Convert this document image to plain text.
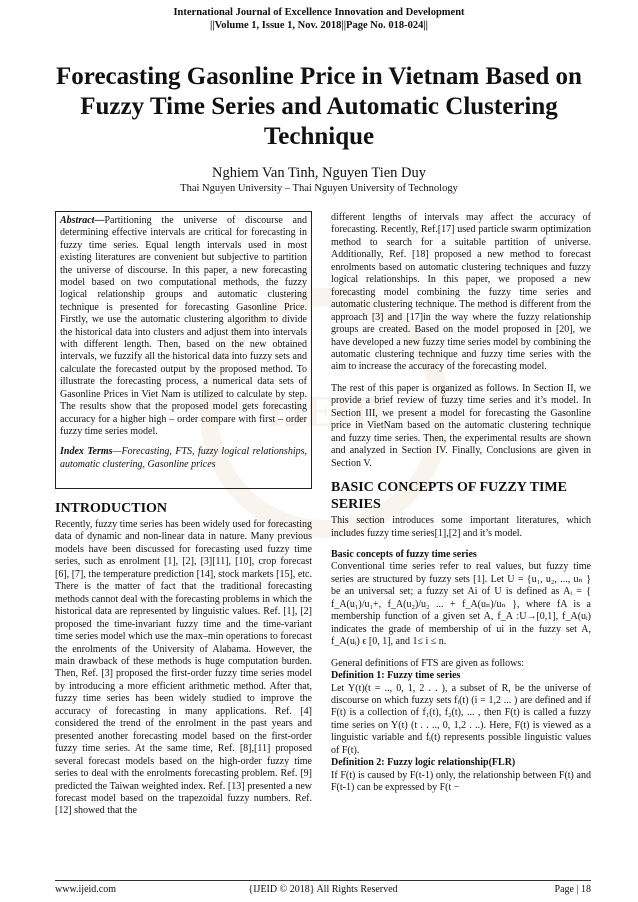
International Journal of Excellence Innovation and Development
||Volume 1, Issue 1, Nov. 2018||Page No. 018-024||
Forecasting Gasonline Price in Vietnam Based on Fuzzy Time Series and Automatic Clustering Technique
Nghiem Van Tinh, Nguyen Tien Duy
Thai Nguyen University – Thai Nguyen University of Technology
IJEID

Abstract—Partitioning the universe of discourse and determining effective intervals are critical for forecasting in fuzzy time series. Equal length intervals used in most existing literatures are convenient but subjective to partition the universe of discourse. In this paper, a new forecasting model based on two computational methods, the fuzzy logical relationship groups and automatic clustering technique is presented for forecasting Gasonline Price. Firstly, we use the automatic clustering algorithm to divide the historical data into clusters and adjust them into intervals with different length. Then, based on the new obtained intervals, we fuzzify all the historical data into fuzzy sets and calculate the forecasted output by the proposed method. To illustrate the forecasting process, a numerical data sets of Gasonline Prices in Viet Nam is utilized to calculate by step. The results show that the proposed model gets forecasting accuracy for a higher high – order compare with first – order fuzzy time series model.

Index Terms—Forecasting, FTS, fuzzy logical relationships, automatic clustering, Gasonline prices

INTRODUCTION

Recently, fuzzy time series has been widely used for forecasting data of dynamic and non-linear data in nature. Many previous models have been discussed for forecasting used fuzzy time series, such as enrolment [1], [2], [3][11], [10], crop forecast [6], [7], the temperature prediction [14], stock markets [15], etc. There is the matter of fact that the traditional forecasting methods cannot deal with the forecasting problems in which the historical data are represented by linguistic values. Ref. [1], [2] proposed the time-invariant fuzzy time and the time-variant time series model which use the max–min operations to forecast the enrolments of the University of Alabama. However, the main drawback of these methods is huge computation burden. Then, Ref. [3] proposed the first-order fuzzy time series model by introducing a more efficient arithmetic method. After that, fuzzy time series has been widely studied to improve the accuracy of forecasting in many applications. Ref. [4] considered the trend of the enrolment in the past years and presented another forecasting model based on the first-order fuzzy time series. At the same time, Ref. [8],[11] proposed several forecast models based on the high-order fuzzy time series to deal with the enrolments forecasting problem. Ref. [9] predicted the Taiwan weighted index. Ref. [13] presented a new forecast model based on the trapezoidal fuzzy numbers. Ref. [12] showed that the

different lengths of intervals may affect the accuracy of forecasting. Recently, Ref.[17] used particle swarm optimization method to search for a suitable partition of universe. Additionally, Ref. [18] proposed a new method to forecast enrolments based on automatic clustering techniques and fuzzy logical relationships. In this paper, we proposed a new forecasting model combining the fuzzy time series and automatic clustering technique. The method is different from the approach [3] and [17]in the way where the fuzzy relationship groups are created. Based on the model proposed in [20], we have developed a new fuzzy time series model by combining the automatic clustering technique and fuzzy time series with the aim to increase the accuracy of the forecasting model.

The rest of this paper is organized as follows. In Section II, we provide a brief review of fuzzy time series and it’s model. In Section III, we present a model for forecasting the Gasonline price in VietNam based on the automatic clustering technique and fuzzy time series. Then, the experimental results are shown and analyzed in Section IV. Finally, Conclusions are given in Section V.

BASIC CONCEPTS OF FUZZY TIME SERIES

This section introduces some important literatures, which includes fuzzy time series[1],[2] and it’s model.

Basic concepts of fuzzy time series

Conventional time series refer to real values, but fuzzy time series are structured by fuzzy sets [1]. Let U = {u₁, u₂, ..., uₙ } be an universal set; a fuzzy set Ai of U is defined as Aᵢ = { f_A(u₁)/u₁+, f_A(u₂)/u₂ ... + f_A(uₙ)/uₙ }, where fA is a membership function of a given set A, f_A :U→[0,1], f_A(uᵢ) indicates the grade of membership of ui in the fuzzy set A, f_A(uᵢ) ϵ [0, 1], and 1≤ i ≤ n.

General definitions of FTS are given as follows:

Definition 1: Fuzzy time series

Let Y(t)(t = .., 0, 1, 2 . . ), a subset of R, be the universe of discourse on which fuzzy sets fᵢ(t) (i = 1,2 ... ) are defined and if F(t) is a collection of f₁(t), f₂(t), ... , then F(t) is called a fuzzy time series on Y(t) (t . . .., 0, 1,2 . ..). Here, F(t) is viewed as a linguistic variable and fᵢ(t) represents possible linguistic values of F(t).

Definition 2: Fuzzy logic relationship(FLR)

If F(t) is caused by F(t-1) only, the relationship between F(t) and F(t-1) can be expressed by F(t −

www.ijeid.com	{IJEID © 2018} All Rights Reserved	Page | 18
